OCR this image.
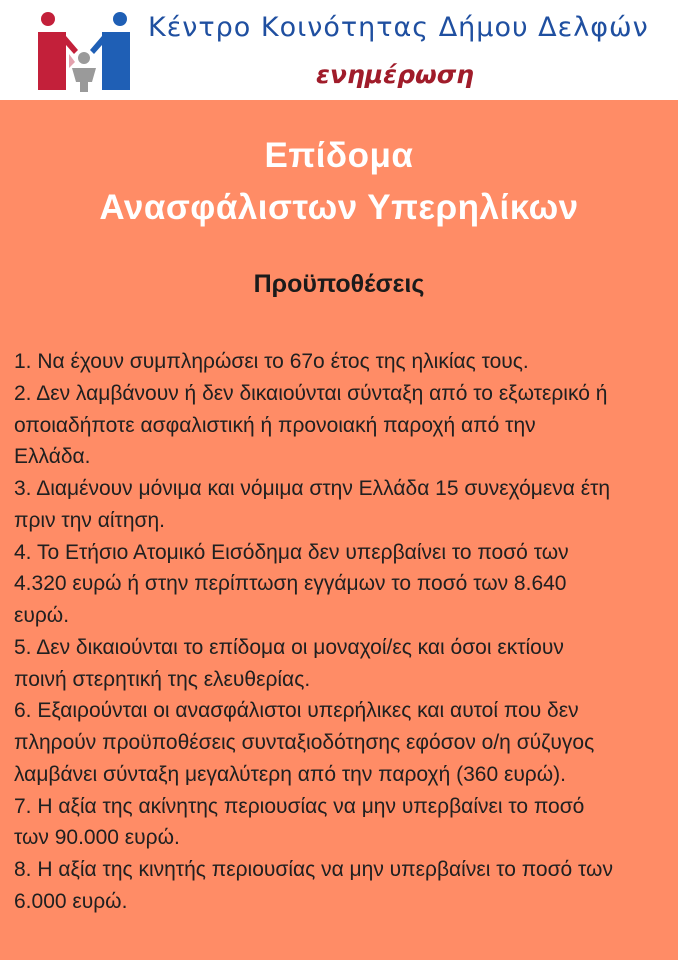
Κέντρο Κοινότητας Δήμου Δελφών
ενημέρωση
Επίδομα
Ανασφάλιστων Υπερηλίκων
Προϋποθέσεις
1. Να έχουν συμπληρώσει το 67ο έτος της ηλικίας τους.
2. Δεν λαμβάνουν ή δεν δικαιούνται σύνταξη από το εξωτερικό ή
οποιαδήποτε ασφαλιστική ή προνοιακή παροχή από την
Ελλάδα.
3. Διαμένουν μόνιμα και νόμιμα στην Ελλάδα 15 συνεχόμενα έτη
πριν την αίτηση.
4. Το Ετήσιο Ατομικό Εισόδημα δεν υπερβαίνει το ποσό των
4.320 ευρώ ή στην περίπτωση εγγάμων το ποσό των 8.640
ευρώ.
5. Δεν δικαιούνται το επίδομα οι μοναχοί/ες και όσοι εκτίουν
ποινή στερητική της ελευθερίας.
6. Εξαιρούνται οι ανασφάλιστοι υπερήλικες και αυτοί που δεν
πληρούν προϋποθέσεις συνταξιοδότησης εφόσον ο/η σύζυγος
λαμβάνει σύνταξη μεγαλύτερη από την παροχή (360 ευρώ).
7. Η αξία της ακίνητης περιουσίας να μην υπερβαίνει το ποσό
των 90.000 ευρώ.
8. Η αξία της κινητής περιουσίας να μην υπερβαίνει το ποσό των
6.000 ευρώ.
